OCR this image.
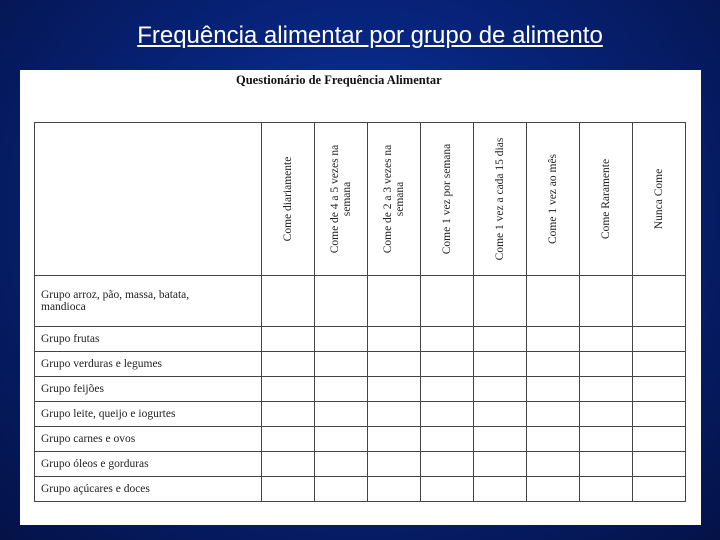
Frequência alimentar por grupo de alimento
Questionário de Frequência Alimentar

	Come diariamente	Come de 4 a 5 vezes na semana	Come de 2 a 3 vezes na semana	Come 1 vez por semana	Come 1 vez a cada 15 dias	Come 1 vez ao mês	Come Raramente	Nunca Come

Grupo arroz, pão, massa, batata,
mandioca								

Grupo frutas								

Grupo verduras e legumes								

Grupo feijões								

Grupo leite, queijo e iogurtes								

Grupo carnes e ovos								

Grupo óleos e gorduras								

Grupo açúcares e doces								
